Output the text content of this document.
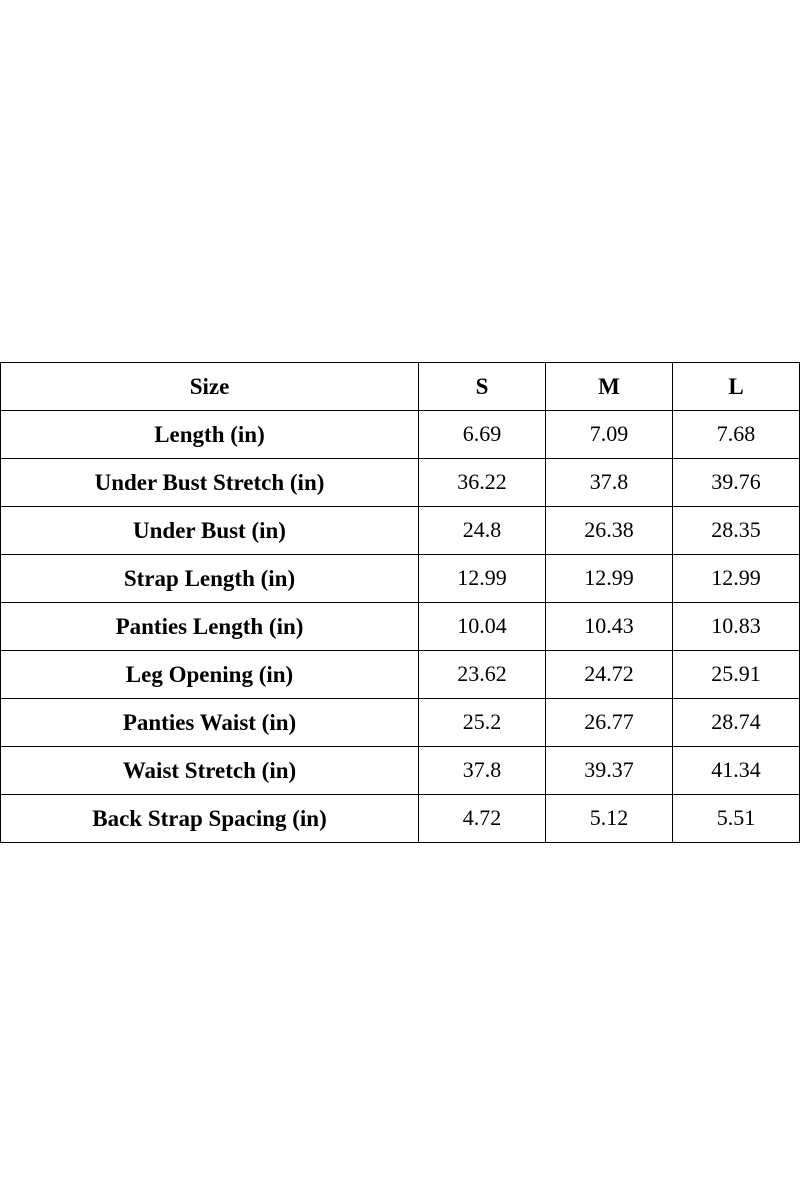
Size	S	M	L
Length (in)	6.69	7.09	7.68
Under Bust Stretch (in)	36.22	37.8	39.76
Under Bust (in)	24.8	26.38	28.35
Strap Length (in)	12.99	12.99	12.99
Panties Length (in)	10.04	10.43	10.83
Leg Opening (in)	23.62	24.72	25.91
Panties Waist (in)	25.2	26.77	28.74
Waist Stretch (in)	37.8	39.37	41.34
Back Strap Spacing (in)	4.72	5.12	5.51
